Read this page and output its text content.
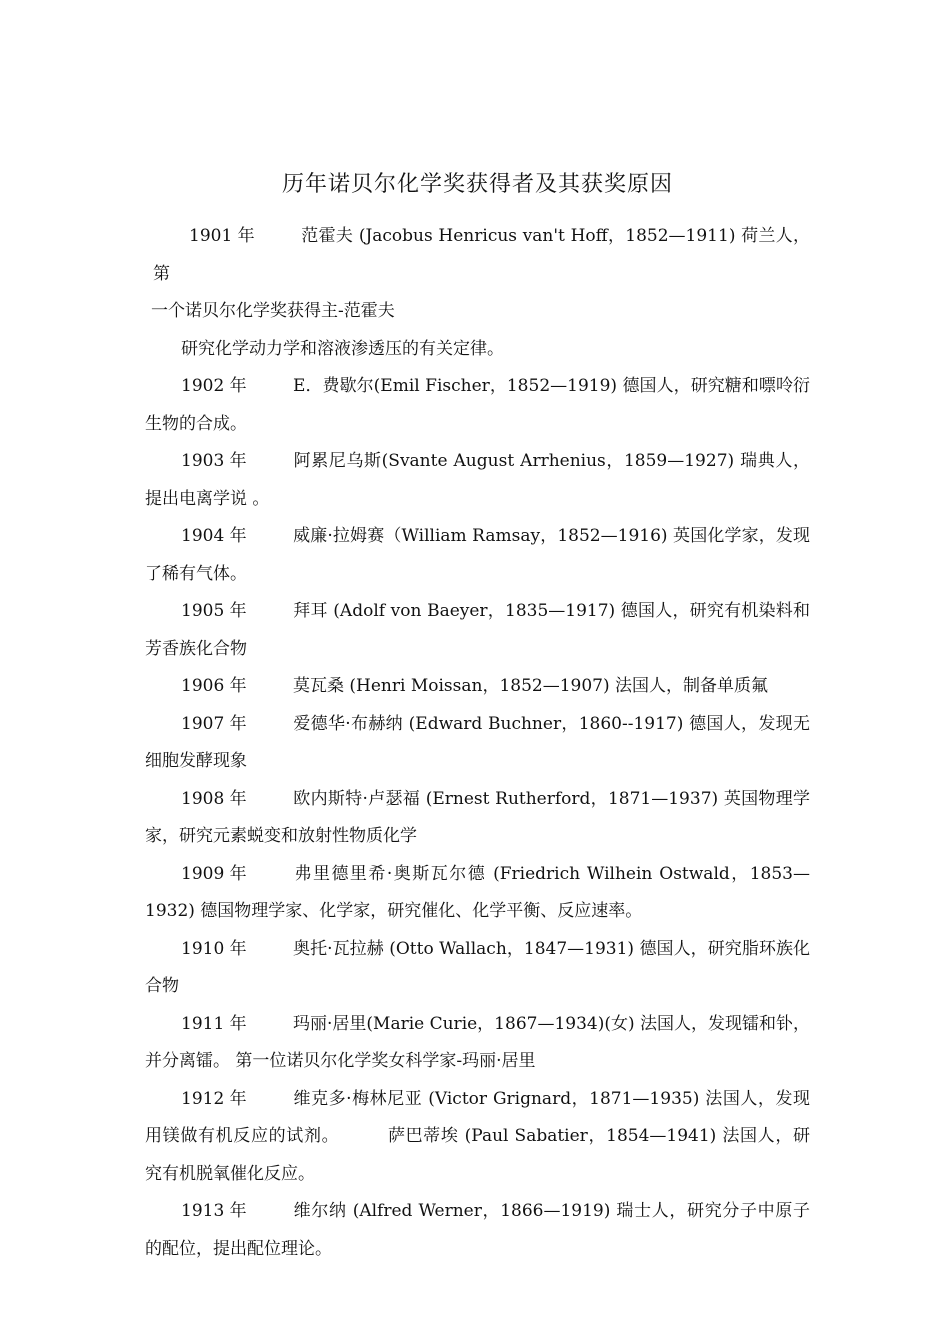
历年诺贝尔化学奖获得者及其获奖原因

1901 年	范霍夫 (Jacobus Henricus van't Hoff，1852—1911) 荷兰人，第
一个诺贝尔化学奖获得主-范霍夫

研究化学动力学和溶液渗透压的有关定律。

1902 年	E．费歇尔(Emil Fischer，1852—1919) 德国人，研究糖和嘌呤衍生物的合成。

1903 年	阿累尼乌斯(Svante August Arrhenius，1859—1927) 瑞典人，提出电离学说 。

1904 年	威廉·拉姆赛（William Ramsay，1852—1916) 英国化学家，发现了稀有气体。

1905 年	拜耳 (Adolf von Baeyer，1835—1917) 德国人，研究有机染料和芳香族化合物

1906 年	莫瓦桑 (Henri Moissan，1852—1907) 法国人，制备单质氟

1907 年	爱德华·布赫纳 (Edward Buchner，1860--1917) 德国人，发现无细胞发酵现象

1908 年	欧内斯特·卢瑟福 (Ernest Rutherford，1871—1937) 英国物理学家，研究元素蜕变和放射性物质化学

1909 年	弗里德里希·奥斯瓦尔德 (Friedrich Wilhein Ostwald，1853—1932) 德国物理学家、化学家，研究催化、化学平衡、反应速率。

1910 年	奥托·瓦拉赫 (Otto Wallach，1847—1931) 德国人，研究脂环族化合物

1911 年	玛丽·居里(Marie Curie，1867—1934)(女) 法国人，发现镭和钋，并分离镭。 第一位诺贝尔化学奖女科学家-玛丽·居里

1912 年	维克多·梅林尼亚 (Victor Grignard，1871—1935) 法国人，发现用镁做有机反应的试剂。	萨巴蒂埃 (Paul Sabatier，1854—1941) 法国人，研究有机脱氧催化反应。

1913 年	维尔纳 (Alfred Werner，1866—1919) 瑞士人，研究分子中原子的配位，提出配位理论。
